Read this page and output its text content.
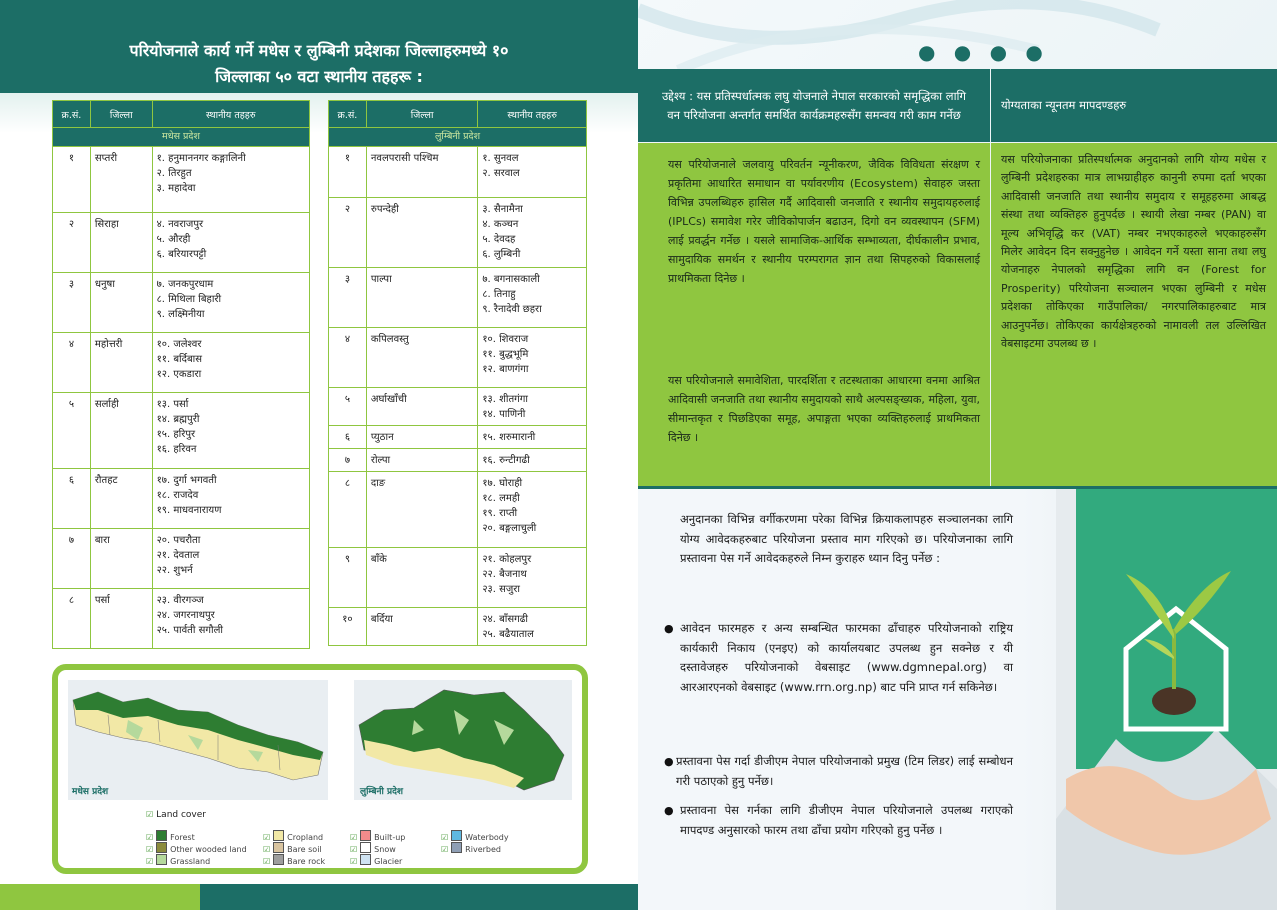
परियोजनाले कार्य गर्ने मधेस र लुम्बिनी प्रदेशका जिल्लाहरुमध्ये १०
जिल्लाका ५० वटा स्थानीय तहहरू :
क्र.सं.	जिल्ला	स्थानीय तहहरु
मधेस प्रदेश		
१	सप्तरी	१. हनुमाननगर कङ्गालिनी
२. तिरहुत
३. महादेवा

२	सिराहा	४. नवराजपुर
५. औरही
६. बरियारपट्टी

३	धनुषा	७. जनकपुरधाम
८. मिथिला बिहारी
९. लक्ष्मिनीया

४	महोत्तरी	१०. जलेश्वर
११. बर्दिबास
१२. एकडारा

५	सर्लाही	१३. पर्सा
१४. ब्रह्मपुरी
१५. हरिपुर
१६. हरिवन

६	रौतहट	१७. दुर्गा भगवती
१८. राजदेव
१९. माधवनारायण

७	बारा	२०. पचरौता
२१. देवताल
२२. शुभर्न

८	पर्सा	२३. वीरगञ्ज
२४. जगरनाथपुर
२५. पार्वती सगौली
क्र.सं.	जिल्ला	स्थानीय तहहरु
लुम्बिनी प्रदेश		
१	नवलपरासी पश्चिम	१. सुनवल
२. सरवाल

२	रुपन्देही	३. सैनामैना
४. कञ्चन
५. देवदह
६. लुम्बिनी

३	पाल्पा	७. बगनासकाली
८. तिनाहु
९. रैनादेवी छहरा

४	कपिलवस्तु	१०. शिवराज
११. बुद्धभूमि
१२. बाणगंगा

५	अर्घाखाँची	१३. शीतगंगा
१४. पाणिनी

६	प्युठान	१५. शरुमारानी

७	रोल्पा	१६. रुन्टीगढी

८	दाङ	१७. घोराही
१८. लमही
१९. राप्ती
२०. बङ्गलाचुली

९	बाँके	२१. कोहलपुर
२२. बैजनाथ
२३. सजुरा

१०	बर्दिया	२४. बाँसगढी
२५. बढैयाताल
मधेस प्रदेश	लुम्बिनी प्रदेश
☑ Land cover
☑ Forest
☑ Other wooded land
☑ Grassland
☑ Cropland
☑ Bare soil
☑ Bare rock
☑ Built-up
☑ Snow
☑ Glacier
☑ Waterbody
☑ Riverbed
● ● ● ●
उद्देश्य : यस प्रतिस्पर्धात्मक लघु योजनाले नेपाल सरकारको समृद्धिका लागि वन परियोजना अन्तर्गत समर्थित कार्यक्रमहरुसँग समन्वय गरी काम गर्नेछ
योग्यताका न्यूनतम मापदण्डहरु
यस परियोजनाले जलवायु परिवर्तन न्यूनीकरण, जैविक विविधता संरक्षण र प्रकृतिमा आधारित समाधान वा पर्यावरणीय (Ecosystem) सेवाहरु जस्ता विभिन्न उपलब्धिहरु हासिल गर्दै आदिवासी जनजाति र स्थानीय समुदायहरुलाई (IPLCs) समावेश गरेर जीविकोपार्जन बढाउन, दिगो वन व्यवस्थापन (SFM) लाई प्रवर्द्धन गर्नेछ । यसले सामाजिक-आर्थिक सम्भाव्यता, दीर्घकालीन प्रभाव, सामुदायिक समर्थन र स्थानीय परम्परागत ज्ञान तथा सिपहरुको विकासलाई प्राथमिकता दिनेछ ।
यस परियोजनाले समावेशिता, पारदर्शिता र तटस्थताका आधारमा वनमा आश्रित आदिवासी जनजाति तथा स्थानीय समुदायको साथै अल्पसङ्ख्यक, महिला, युवा, सीमान्तकृत र पिछडिएका समूह, अपाङ्गता भएका व्यक्तिहरुलाई प्राथमिकता दिनेछ ।
यस परियोजनाका प्रतिस्पर्धात्मक अनुदानको लागि योग्य मधेस र लुम्बिनी प्रदेशहरुका मात्र लाभग्राहीहरु कानुनी रुपमा दर्ता भएका आदिवासी जनजाति तथा स्थानीय समुदाय र समूहहरुमा आबद्ध संस्था तथा व्यक्तिहरु हुनुपर्दछ । स्थायी लेखा नम्बर (PAN) वा मूल्य अभिवृद्धि कर (VAT) नम्बर नभएकाहरुले भएकाहरुसँग मिलेर आवेदन दिन सक्नुहुनेछ । आवेदन गर्ने यस्ता साना तथा लघु योजनाहरु नेपालको समृद्धिका लागि वन (Forest for Prosperity) परियोजना सञ्चालन भएका लुम्बिनी र मधेस प्रदेशका तोकिएका गाउँपालिका/ नगरपालिकाहरुबाट मात्र आउनुपर्नेछ। तोकिएका कार्यक्षेत्रहरुको नामावली तल उल्लिखित वेबसाइटमा उपलब्ध छ ।
अनुदानका विभिन्न वर्गीकरणमा परेका विभिन्न क्रियाकलापहरु सञ्चालनका लागि योग्य आवेदकहरुबाट परियोजना प्रस्ताव माग गरिएको छ। परियोजनाका लागि प्रस्तावना पेस गर्ने आवेदकहरुले निम्न कुराहरु ध्यान दिनु पर्नेछ :
● आवेदन फारमहरु र अन्य सम्बन्धित फारमका ढाँचाहरु परियोजनाको राष्ट्रिय कार्यकारी निकाय (एनइए) को कार्यालयबाट उपलब्ध हुन सक्नेछ र यी दस्तावेजहरु परियोजनाको वेबसाइट (www.dgmnepal.org) वा आरआरएनको वेबसाइट (www.rrn.org.np) बाट पनि प्राप्त गर्न सकिनेछ।
● प्रस्तावना पेस गर्दा डीजीएम नेपाल परियोजनाको प्रमुख (टिम लिडर) लाई सम्बोधन गरी पठाएको हुनु पर्नेछ।
● प्रस्तावना पेस गर्नका लागि डीजीएम नेपाल परियोजनाले उपलब्ध गराएको मापदण्ड अनुसारको फारम तथा ढाँचा प्रयोग गरिएको हुनु पर्नेछ ।
